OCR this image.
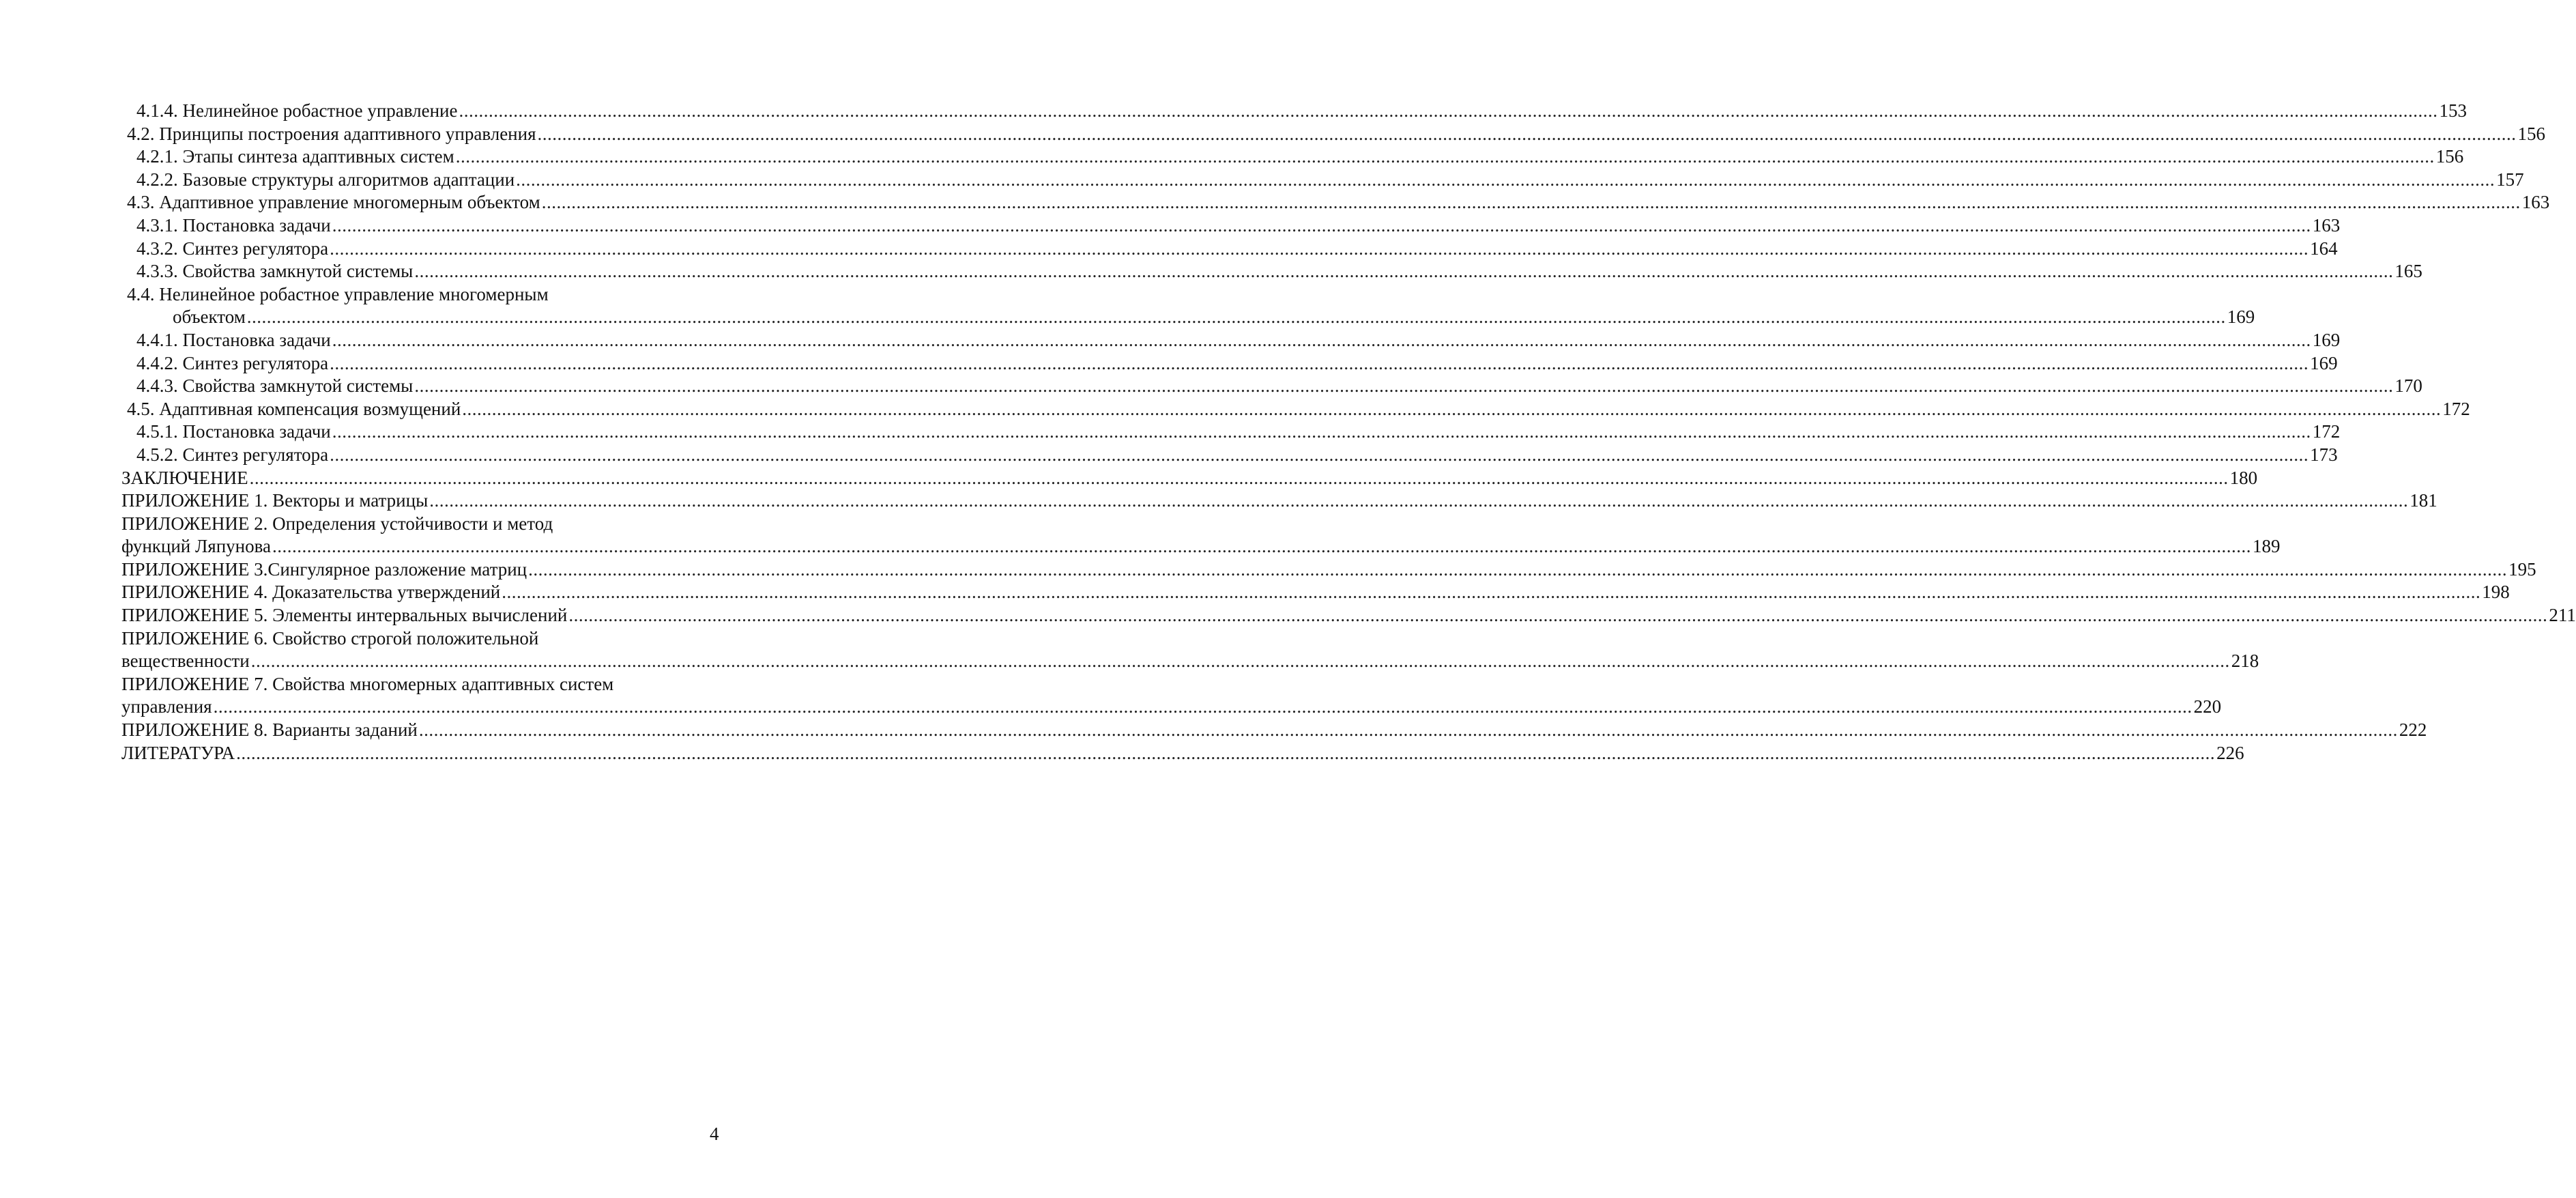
4.1.4. Нелинейное робастное управление ................................................................................................................................................................................................................................................................................................................................................................................................................ 153
4.2. Принципы построения адаптивного управления ................................................................................................................................................................................................................................................................................................................................................................................................................ 156
4.2.1. Этапы синтеза адаптивных систем ................................................................................................................................................................................................................................................................................................................................................................................................................ 156
4.2.2. Базовые структуры алгоритмов адаптации ................................................................................................................................................................................................................................................................................................................................................................................................................ 157
4.3. Адаптивное управление многомерным объектом ................................................................................................................................................................................................................................................................................................................................................................................................................ 163
4.3.1. Постановка задачи ................................................................................................................................................................................................................................................................................................................................................................................................................ 163
4.3.2. Синтез регулятора ................................................................................................................................................................................................................................................................................................................................................................................................................ 164
4.3.3. Свойства замкнутой системы ................................................................................................................................................................................................................................................................................................................................................................................................................ 165
4.4. Нелинейное робастное управление многомерным
объектом ................................................................................................................................................................................................................................................................................................................................................................................................................ 169
4.4.1. Постановка задачи ................................................................................................................................................................................................................................................................................................................................................................................................................ 169
4.4.2. Синтез регулятора ................................................................................................................................................................................................................................................................................................................................................................................................................ 169
4.4.3. Свойства замкнутой системы ................................................................................................................................................................................................................................................................................................................................................................................................................ 170
4.5. Адаптивная компенсация возмущений ................................................................................................................................................................................................................................................................................................................................................................................................................ 172
4.5.1. Постановка задачи ................................................................................................................................................................................................................................................................................................................................................................................................................ 172
4.5.2. Синтез регулятора ................................................................................................................................................................................................................................................................................................................................................................................................................ 173
ЗАКЛЮЧЕНИЕ ................................................................................................................................................................................................................................................................................................................................................................................................................ 180
ПРИЛОЖЕНИЕ 1. Векторы и матрицы ................................................................................................................................................................................................................................................................................................................................................................................................................ 181
ПРИЛОЖЕНИЕ 2. Определения устойчивости и метод
функций Ляпунова ................................................................................................................................................................................................................................................................................................................................................................................................................ 189
ПРИЛОЖЕНИЕ 3.Сингулярное разложение матриц ................................................................................................................................................................................................................................................................................................................................................................................................................ 195
ПРИЛОЖЕНИЕ 4. Доказательства утверждений ................................................................................................................................................................................................................................................................................................................................................................................................................ 198
ПРИЛОЖЕНИЕ 5. Элементы интервальных вычислений ................................................................................................................................................................................................................................................................................................................................................................................................................ 211
ПРИЛОЖЕНИЕ 6. Свойство строгой положительной
вещественности ................................................................................................................................................................................................................................................................................................................................................................................................................ 218
ПРИЛОЖЕНИЕ 7. Свойства многомерных адаптивных систем
управления ................................................................................................................................................................................................................................................................................................................................................................................................................ 220
ПРИЛОЖЕНИЕ 8. Варианты заданий ................................................................................................................................................................................................................................................................................................................................................................................................................ 222
ЛИТЕРАТУРА ................................................................................................................................................................................................................................................................................................................................................................................................................ 226
4
